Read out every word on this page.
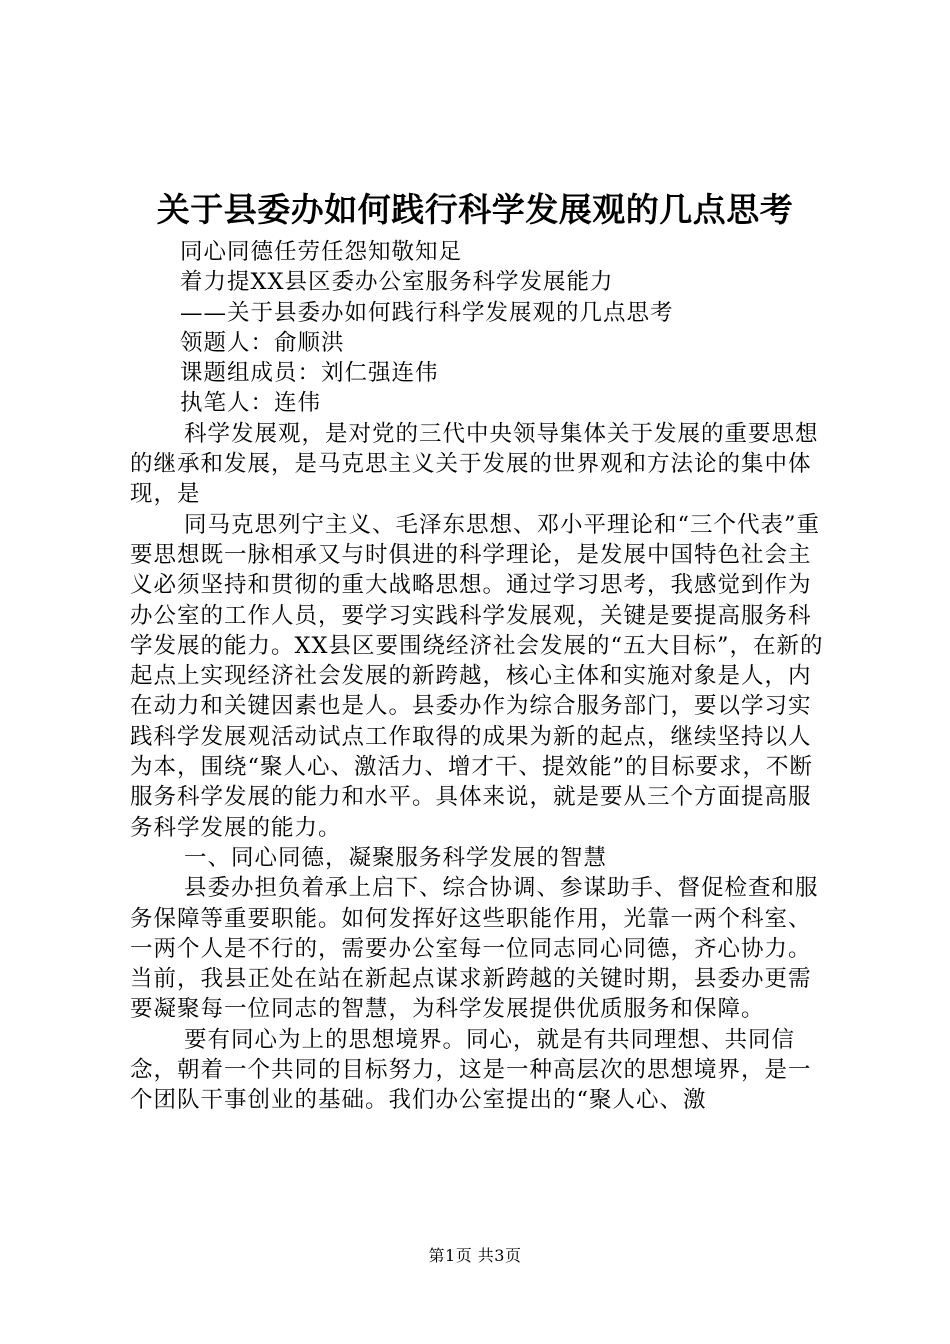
关于县委办如何践行科学发展观的几点思考

同心同德任劳任怨知敬知足

着力提XX县区委办公室服务科学发展能力

——关于县委办如何践行科学发展观的几点思考

领题人：俞顺洪

课题组成员：刘仁强连伟

执笔人：连伟

科学发展观，是对党的三代中央领导集体关于发展的重要思想的继承和发展，是马克思主义关于发展的世界观和方法论的集中体现，是

同马克思列宁主义、毛泽东思想、邓小平理论和“三个代表”重要思想既一脉相承又与时俱进的科学理论，是发展中国特色社会主义必须坚持和贯彻的重大战略思想。通过学习思考，我感觉到作为办公室的工作人员，要学习实践科学发展观，关键是要提高服务科学发展的能力。XX县区要围绕经济社会发展的“五大目标”，在新的起点上实现经济社会发展的新跨越，核心主体和实施对象是人，内在动力和关键因素也是人。县委办作为综合服务部门，要以学习实践科学发展观活动试点工作取得的成果为新的起点，继续坚持以人为本，围绕“聚人心、激活力、增才干、提效能”的目标要求，不断服务科学发展的能力和水平。具体来说，就是要从三个方面提高服务科学发展的能力。

一、同心同德，凝聚服务科学发展的智慧

县委办担负着承上启下、综合协调、参谋助手、督促检查和服务保障等重要职能。如何发挥好这些职能作用，光靠一两个科室、一两个人是不行的，需要办公室每一位同志同心同德，齐心协力。当前，我县正处在站在新起点谋求新跨越的关键时期，县委办更需要凝聚每一位同志的智慧，为科学发展提供优质服务和保障。

要有同心为上的思想境界。同心，就是有共同理想、共同信念，朝着一个共同的目标努力，这是一种高层次的思想境界，是一个团队干事创业的基础。我们办公室提出的“聚人心、激

第1页 共3页
